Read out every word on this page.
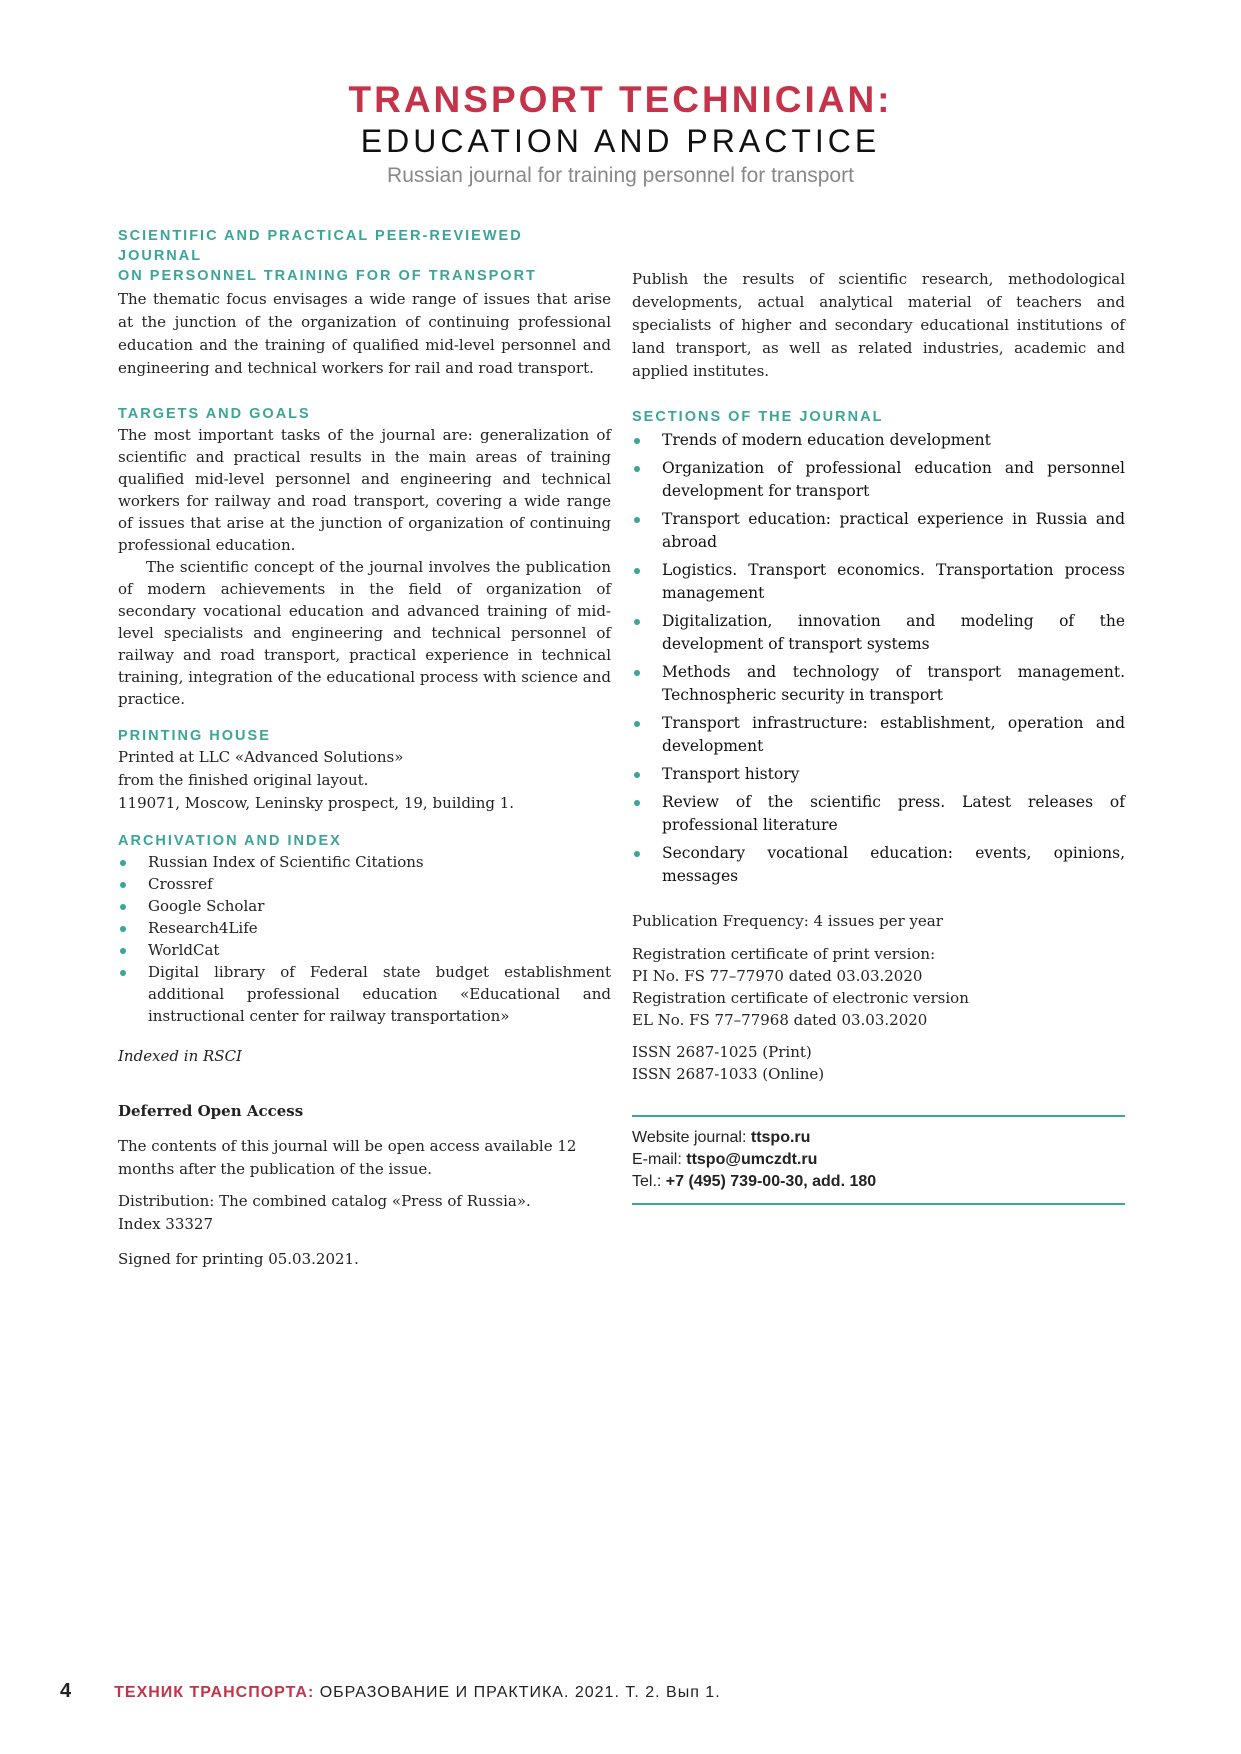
TRANSPORT TECHNICIAN:
EDUCATION AND PRACTICE
Russian journal for training personnel for transport
SCIENTIFIC AND PRACTICAL PEER-REVIEWED JOURNAL
ON PERSONNEL TRAINING FOR OF TRANSPORT

The thematic focus envisages a wide range of issues that arise at the junction of the organization of continuing professional education and the training of qualified mid-level personnel and engineering and technical workers for rail and road transport.

TARGETS AND GOALS

The most important tasks of the journal are: generalization of scientific and practical results in the main areas of training qualified mid-level personnel and engineering and technical workers for railway and road transport, covering a wide range of issues that arise at the junction of organization of continuing professional education.

The scientific concept of the journal involves the publication of modern achievements in the field of organization of secondary vocational education and advanced training of mid-level specialists and engineering and technical personnel of railway and road transport, practical experience in technical training, integration of the educational process with science and practice.

PRINTING HOUSE
Printed at LLC «Advanced Solutions»
from the finished original layout.
119071, Moscow, Leninsky prospect, 19, building 1.
ARCHIVATION AND INDEX
Russian Index of Scientific Citations
Crossref
Google Scholar
Research4Life
WorldCat
Digital library of Federal state budget establishment additional professional education «Educational and instructional center for railway transportation»
Indexed in RSCI
Deferred Open Access

The contents of this journal will be open access available 12 months after the publication of the issue.

Distribution: The combined catalog «Press of Russia».
Index 33327
Signed for printing 05.03.2021.

Publish the results of scientific research, methodological developments, actual analytical material of teachers and specialists of higher and secondary educational institutions of land transport, as well as related industries, academic and applied institutes.

SECTIONS OF THE JOURNAL
Trends of modern education development
Organization of professional education and personnel development for transport
Transport education: practical experience in Russia and abroad
Logistics. Transport economics. Transportation process management
Digitalization, innovation and modeling of the development of transport systems
Methods and technology of transport management. Technospheric security in transport
Transport infrastructure: establishment, operation and development
Transport history
Review of the scientific press. Latest releases of professional literature
Secondary vocational education: events, opinions, messages
Publication Frequency: 4 issues per year
Registration certificate of print version:
PI No. FS 77–77970 dated 03.03.2020
Registration certificate of electronic version
EL No. FS 77–77968 dated 03.03.2020
ISSN 2687-1025 (Print)
ISSN 2687-1033 (Online)
Website journal: ttspo.ru
E-mail: ttspo@umczdt.ru
Tel.: +7 (495) 739-00-30, add. 180
4	ТЕХНИК ТРАНСПОРТА: ОБРАЗОВАНИЕ И ПРАКТИКА. 2021. Т. 2. Вып 1.
